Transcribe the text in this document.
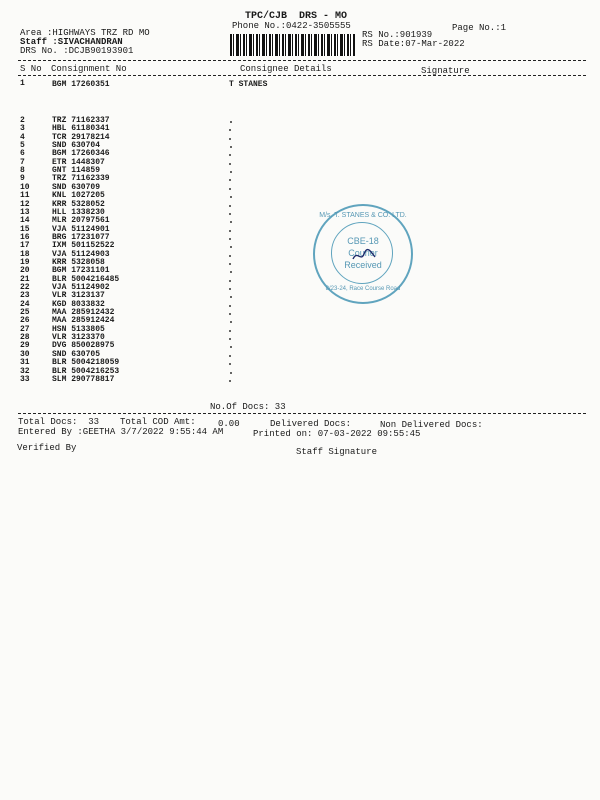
TPC/CJB  DRS - MO
Phone No.:0422-3505555	Page No.:1
Area :HIGHWAYS TRZ RD MO
Staff :SIVACHANDRAN
DRS No. :DCJB90193901
RS No.:901939
RS Date:07-Mar-2022
S No Consignment No	Consignee Details	Signature
1	BGM 17260351	T STANES
2	TRZ 71162337
3	HBL 61180341
4	TCR 29178214
5	SND 630704
6	BGM 17260346
7	ETR 1448307
8	GNT 114859
9	TRZ 71162339
10	SND 630709
11	KNL 1027205
12	KRR 5328052
13	HLL 1338230
14	MLR 20797561
15	VJA 51124901
16	BRG 17231077
17	IXM 501152522
18	VJA 51124903
19	KRR 5328058
20	BGM 17231101
21	BLR 5004216485
22	VJA 51124902
23	VLR 3123137
24	KGD 8033832
25	MAA 285912432
26	MAA 285912424
27	HSN 5133805
28	VLR 3123370
29	DVG 850028975
30	SND 630705
31	BLR 5004218059
32	BLR 5004216253
33	SLM 290778817
No.Of Docs: 33
Total Docs:  33 Total COD Amt: 0.00	Delivered Docs:	Non Delivered Docs:
Entered By :GEETHA 3/7/2022 9:55:44 AM	Printed on: 07-03-2022 09:55:45
Verified By	Staff Signature
M/s. T. STANES & CO. LTD.
CBE-18
Courier
Received
8/23-24, Race Course Road
